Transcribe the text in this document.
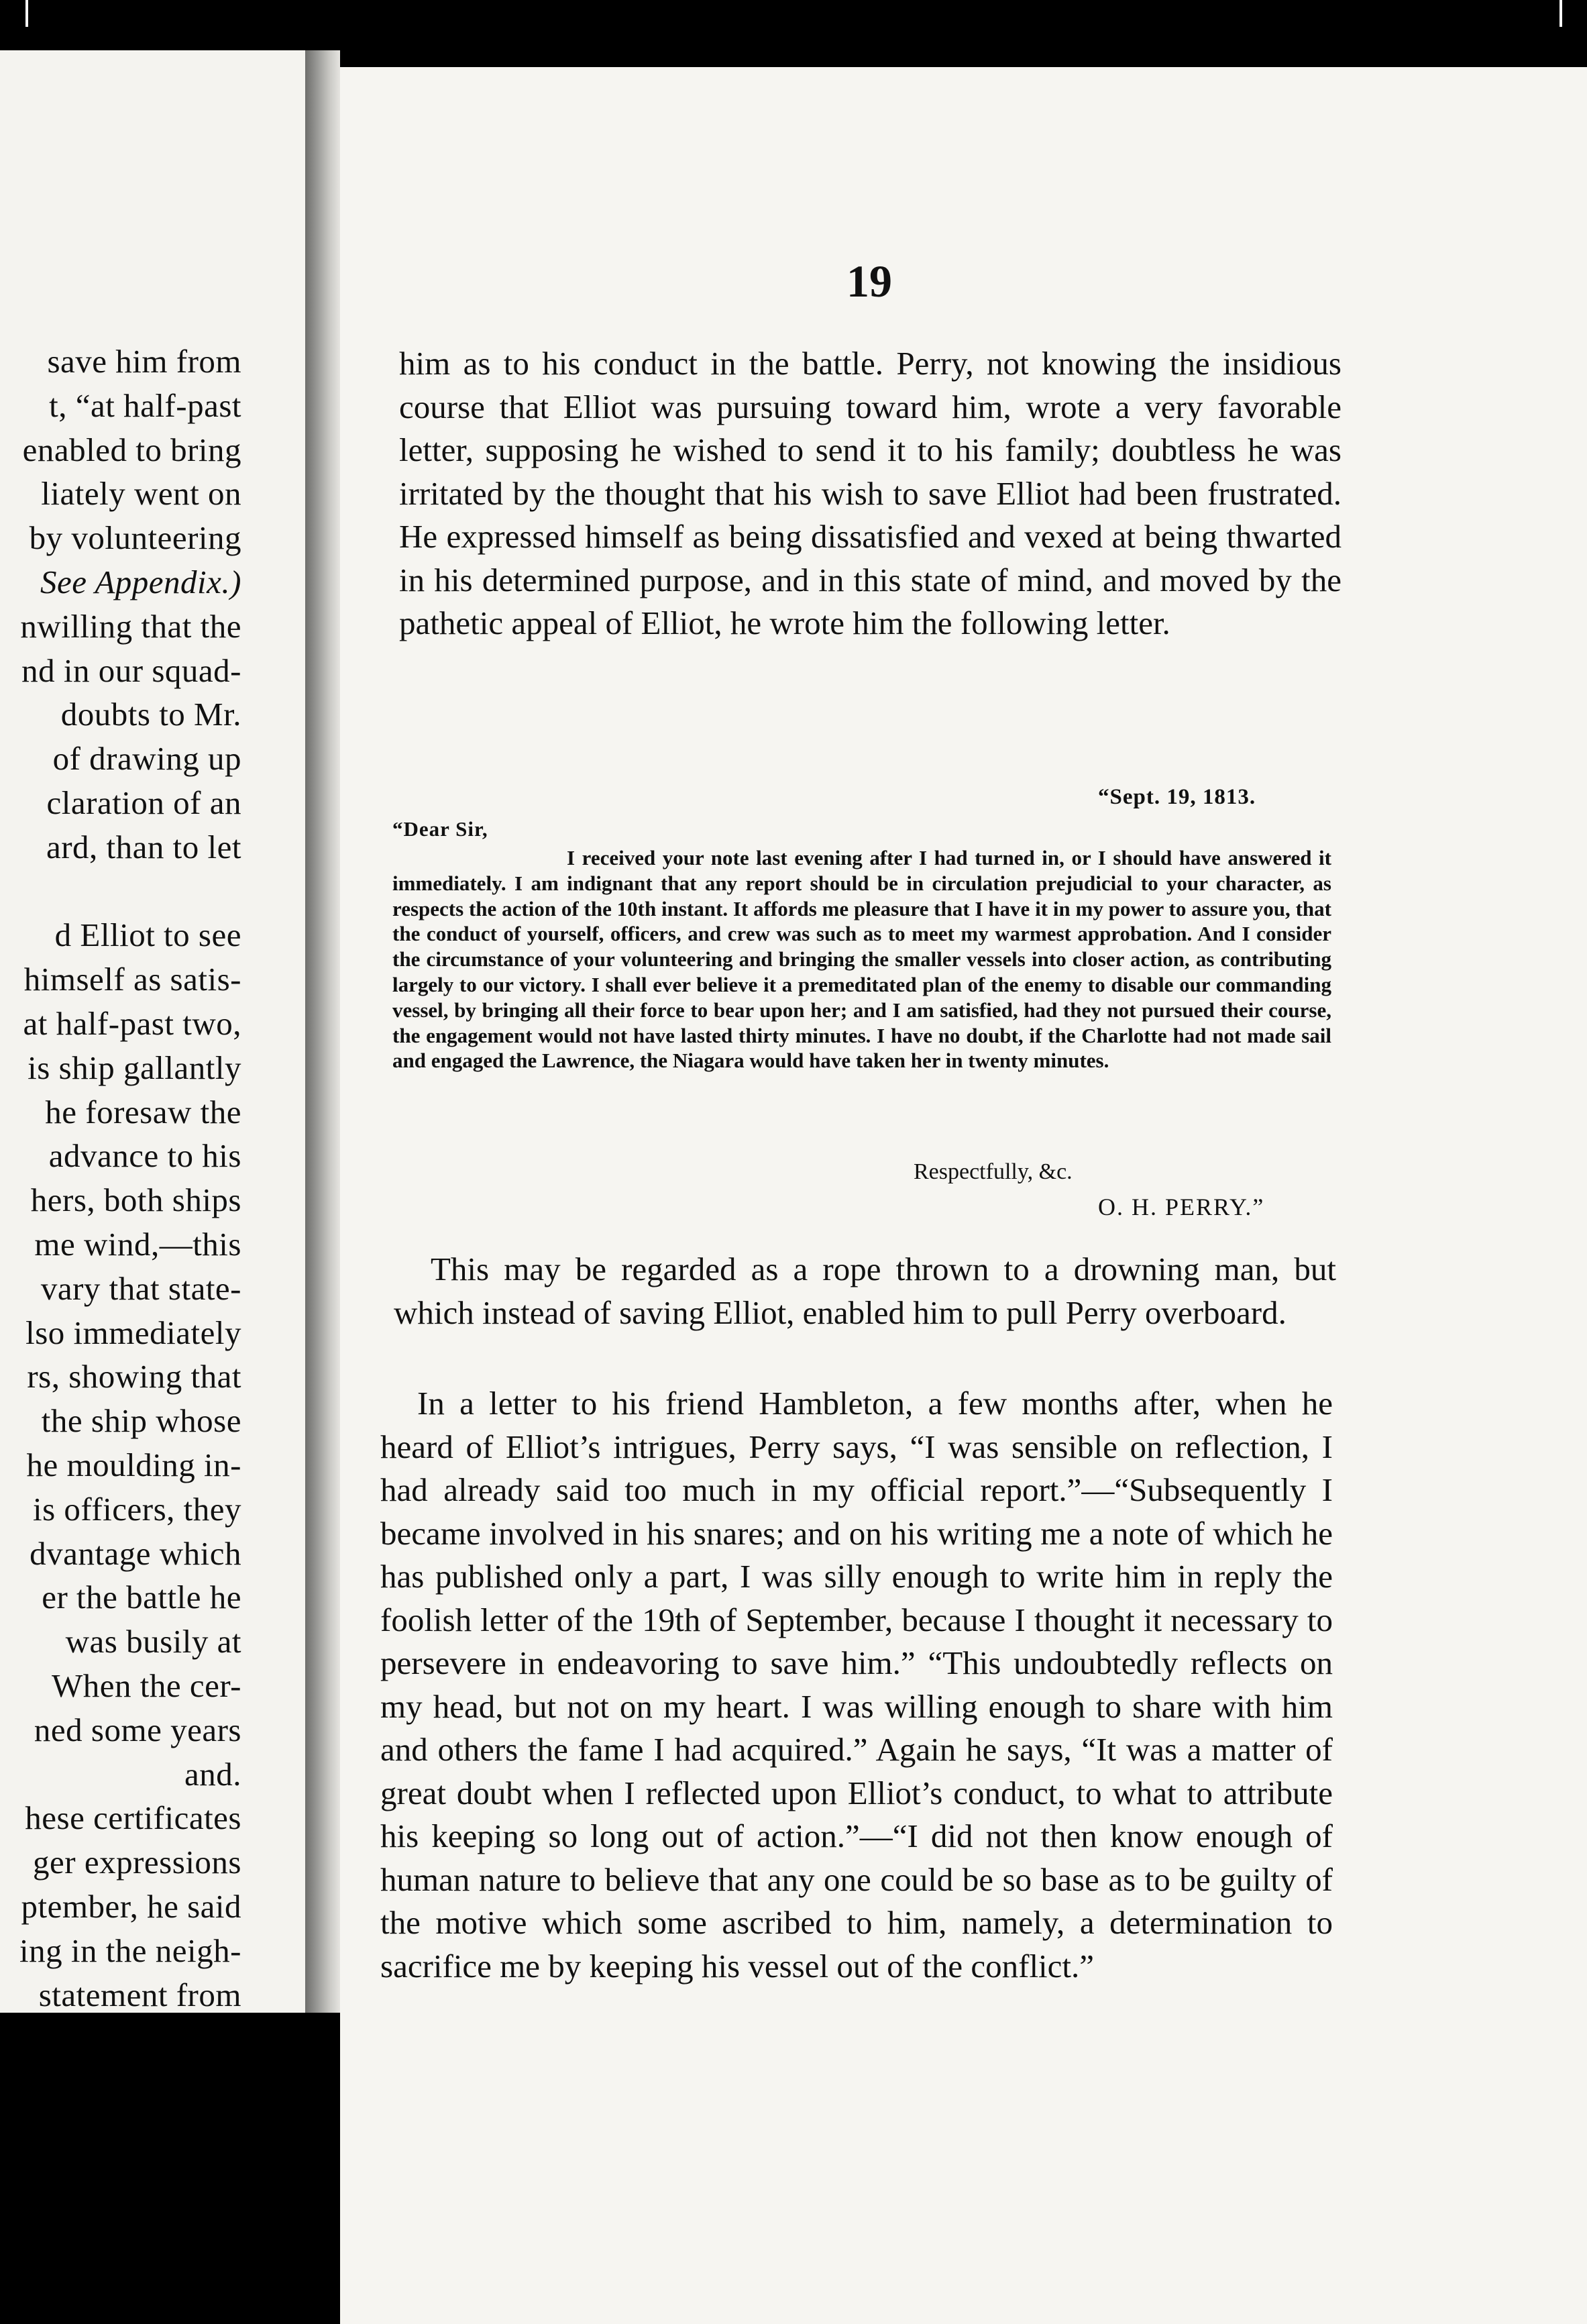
save him from
t, “at half-past
enabled to bring
liately went on
by volunteering
See Appendix.)
nwilling that the
nd in our squad-
doubts to Mr.
of drawing up
claration of an
ard, than to let
d Elliot to see
himself as satis-
at half-past two,
is ship gallantly
he foresaw the
advance to his
hers, both ships
me wind,—this
vary that state-
lso immediately
rs, showing that
the ship whose
he moulding in-
is officers, they
dvantage which
er the battle he
was busily at
When the cer-
ned some years
and.
hese certificates
ger expressions
ptember, he said
ing in the neigh-
statement from
19
him as to his conduct in the battle. Perry, not knowing the insidious course that Elliot was pursuing toward him, wrote a very favorable letter, supposing he wished to send it to his family; doubtless he was irritated by the thought that his wish to save Elliot had been frustrated. He expressed himself as being dissatisfied and vexed at being thwarted in his determined purpose, and in this state of mind, and moved by the pathetic appeal of Elliot, he wrote him the following letter.
“Sept. 19, 1813.
“Dear Sir,
I received your note last evening after I had turned in, or I should have answered it immediately. I am indignant that any report should be in circulation prejudicial to your character, as respects the action of the 10th instant. It affords me pleasure that I have it in my power to assure you, that the conduct of yourself, officers, and crew was such as to meet my warmest approbation. And I consider the circumstance of your volunteering and bringing the smaller vessels into closer action, as contributing largely to our victory. I shall ever believe it a premeditated plan of the enemy to disable our commanding vessel, by bringing all their force to bear upon her; and I am satisfied, had they not pursued their course, the engagement would not have lasted thirty minutes. I have no doubt, if the Charlotte had not made sail and engaged the Lawrence, the Niagara would have taken her in twenty minutes.
Respectfully, &c.
O. H. PERRY.”
This may be regarded as a rope thrown to a drowning man, but which instead of saving Elliot, enabled him to pull Perry overboard.
In a letter to his friend Hambleton, a few months after, when he heard of Elliot’s intrigues, Perry says, “I was sensible on reflection, I had already said too much in my official report.”—“Subsequently I became involved in his snares; and on his writing me a note of which he has published only a part, I was silly enough to write him in reply the foolish letter of the 19th of September, because I thought it necessary to persevere in endeavoring to save him.” “This undoubtedly reflects on my head, but not on my heart. I was willing enough to share with him and others the fame I had acquired.” Again he says, “It was a matter of great doubt when I reflected upon Elliot’s conduct, to what to attribute his keeping so long out of action.”—“I did not then know enough of human nature to believe that any one could be so base as to be guilty of the motive which some ascribed to him, namely, a determination to sacrifice me by keeping his vessel out of the conflict.”
